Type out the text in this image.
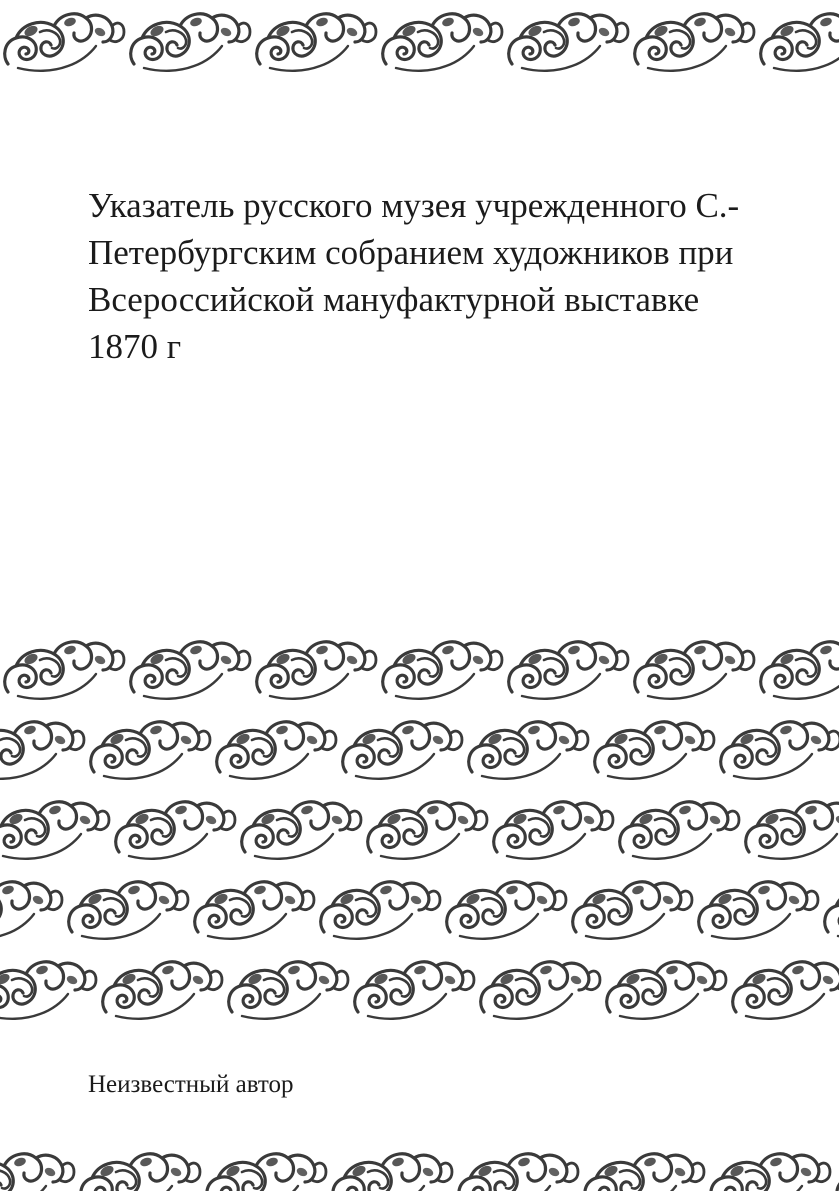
Указатель русского музея учрежденного С.-Петербургским собранием художников при Всероссийской мануфактурной выставке 1870 г
Неизвестный автор
